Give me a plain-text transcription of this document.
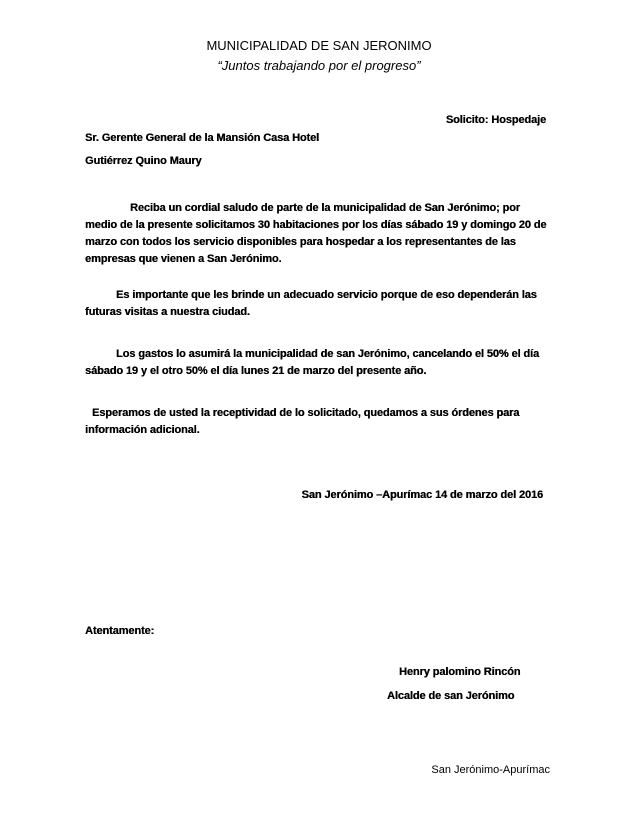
MUNICIPALIDAD DE SAN JERONIMO
“Juntos trabajando por el progreso”
Solicito: Hospedaje
Sr. Gerente General de la Mansión Casa Hotel
Gutiérrez Quino Maury
Reciba un cordial saludo de parte de la municipalidad de San Jerónimo; por medio de la presente solicitamos 30 habitaciones por los días sábado 19 y domingo 20 de marzo con todos los servicio disponibles para hospedar a los representantes de las empresas que vienen a San Jerónimo.
Es importante que les brinde un adecuado servicio porque de eso dependerán las futuras visitas a nuestra ciudad.
Los gastos lo asumirá la municipalidad de san Jerónimo, cancelando el 50% el día sábado 19 y el otro 50% el día lunes 21 de marzo del presente año.
Esperamos de usted la receptividad de lo solicitado, quedamos a sus órdenes para información adicional.
San Jerónimo –Apurímac 14 de marzo del 2016
Atentamente:
Henry palomino Rincón
Alcalde de san Jerónimo
San Jerónimo-Apurímac
